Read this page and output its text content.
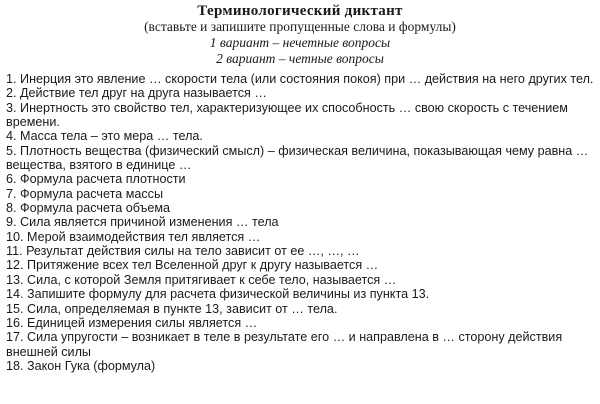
Терминологический диктант
(вставьте и запишите пропущенные слова и формулы)
1 вариант – нечетные вопросы
2 вариант – четные вопросы
1. Инерция это явление … скорости тела (или состояния покоя) при … действия на него других тел.
2. Действие тел друг на друга называется …
3. Инертность это свойство тел, характеризующее их способность … свою скорость с течением времени.
4. Масса тела – это мера … тела.
5. Плотность вещества (физический смысл) – физическая величина, показывающая чему равна … вещества, взятого в единице …
6. Формула расчета плотности
7. Формула расчета массы
8. Формула расчета объема
9. Сила является причиной изменения … тела
10. Мерой взаимодействия тел является …
11. Результат действия силы на тело зависит от ее …, …, …
12. Притяжение всех тел Вселенной друг к другу называется …
13. Сила, с которой Земля притягивает к себе тело, называется …
14. Запишите формулу для расчета физической величины из пункта 13.
15. Сила, определяемая в пункте 13, зависит от … тела.
16. Единицей измерения силы является …
17. Сила упругости – возникает в теле в результате его … и направлена в … сторону действия внешней силы
18. Закон Гука (формула)
